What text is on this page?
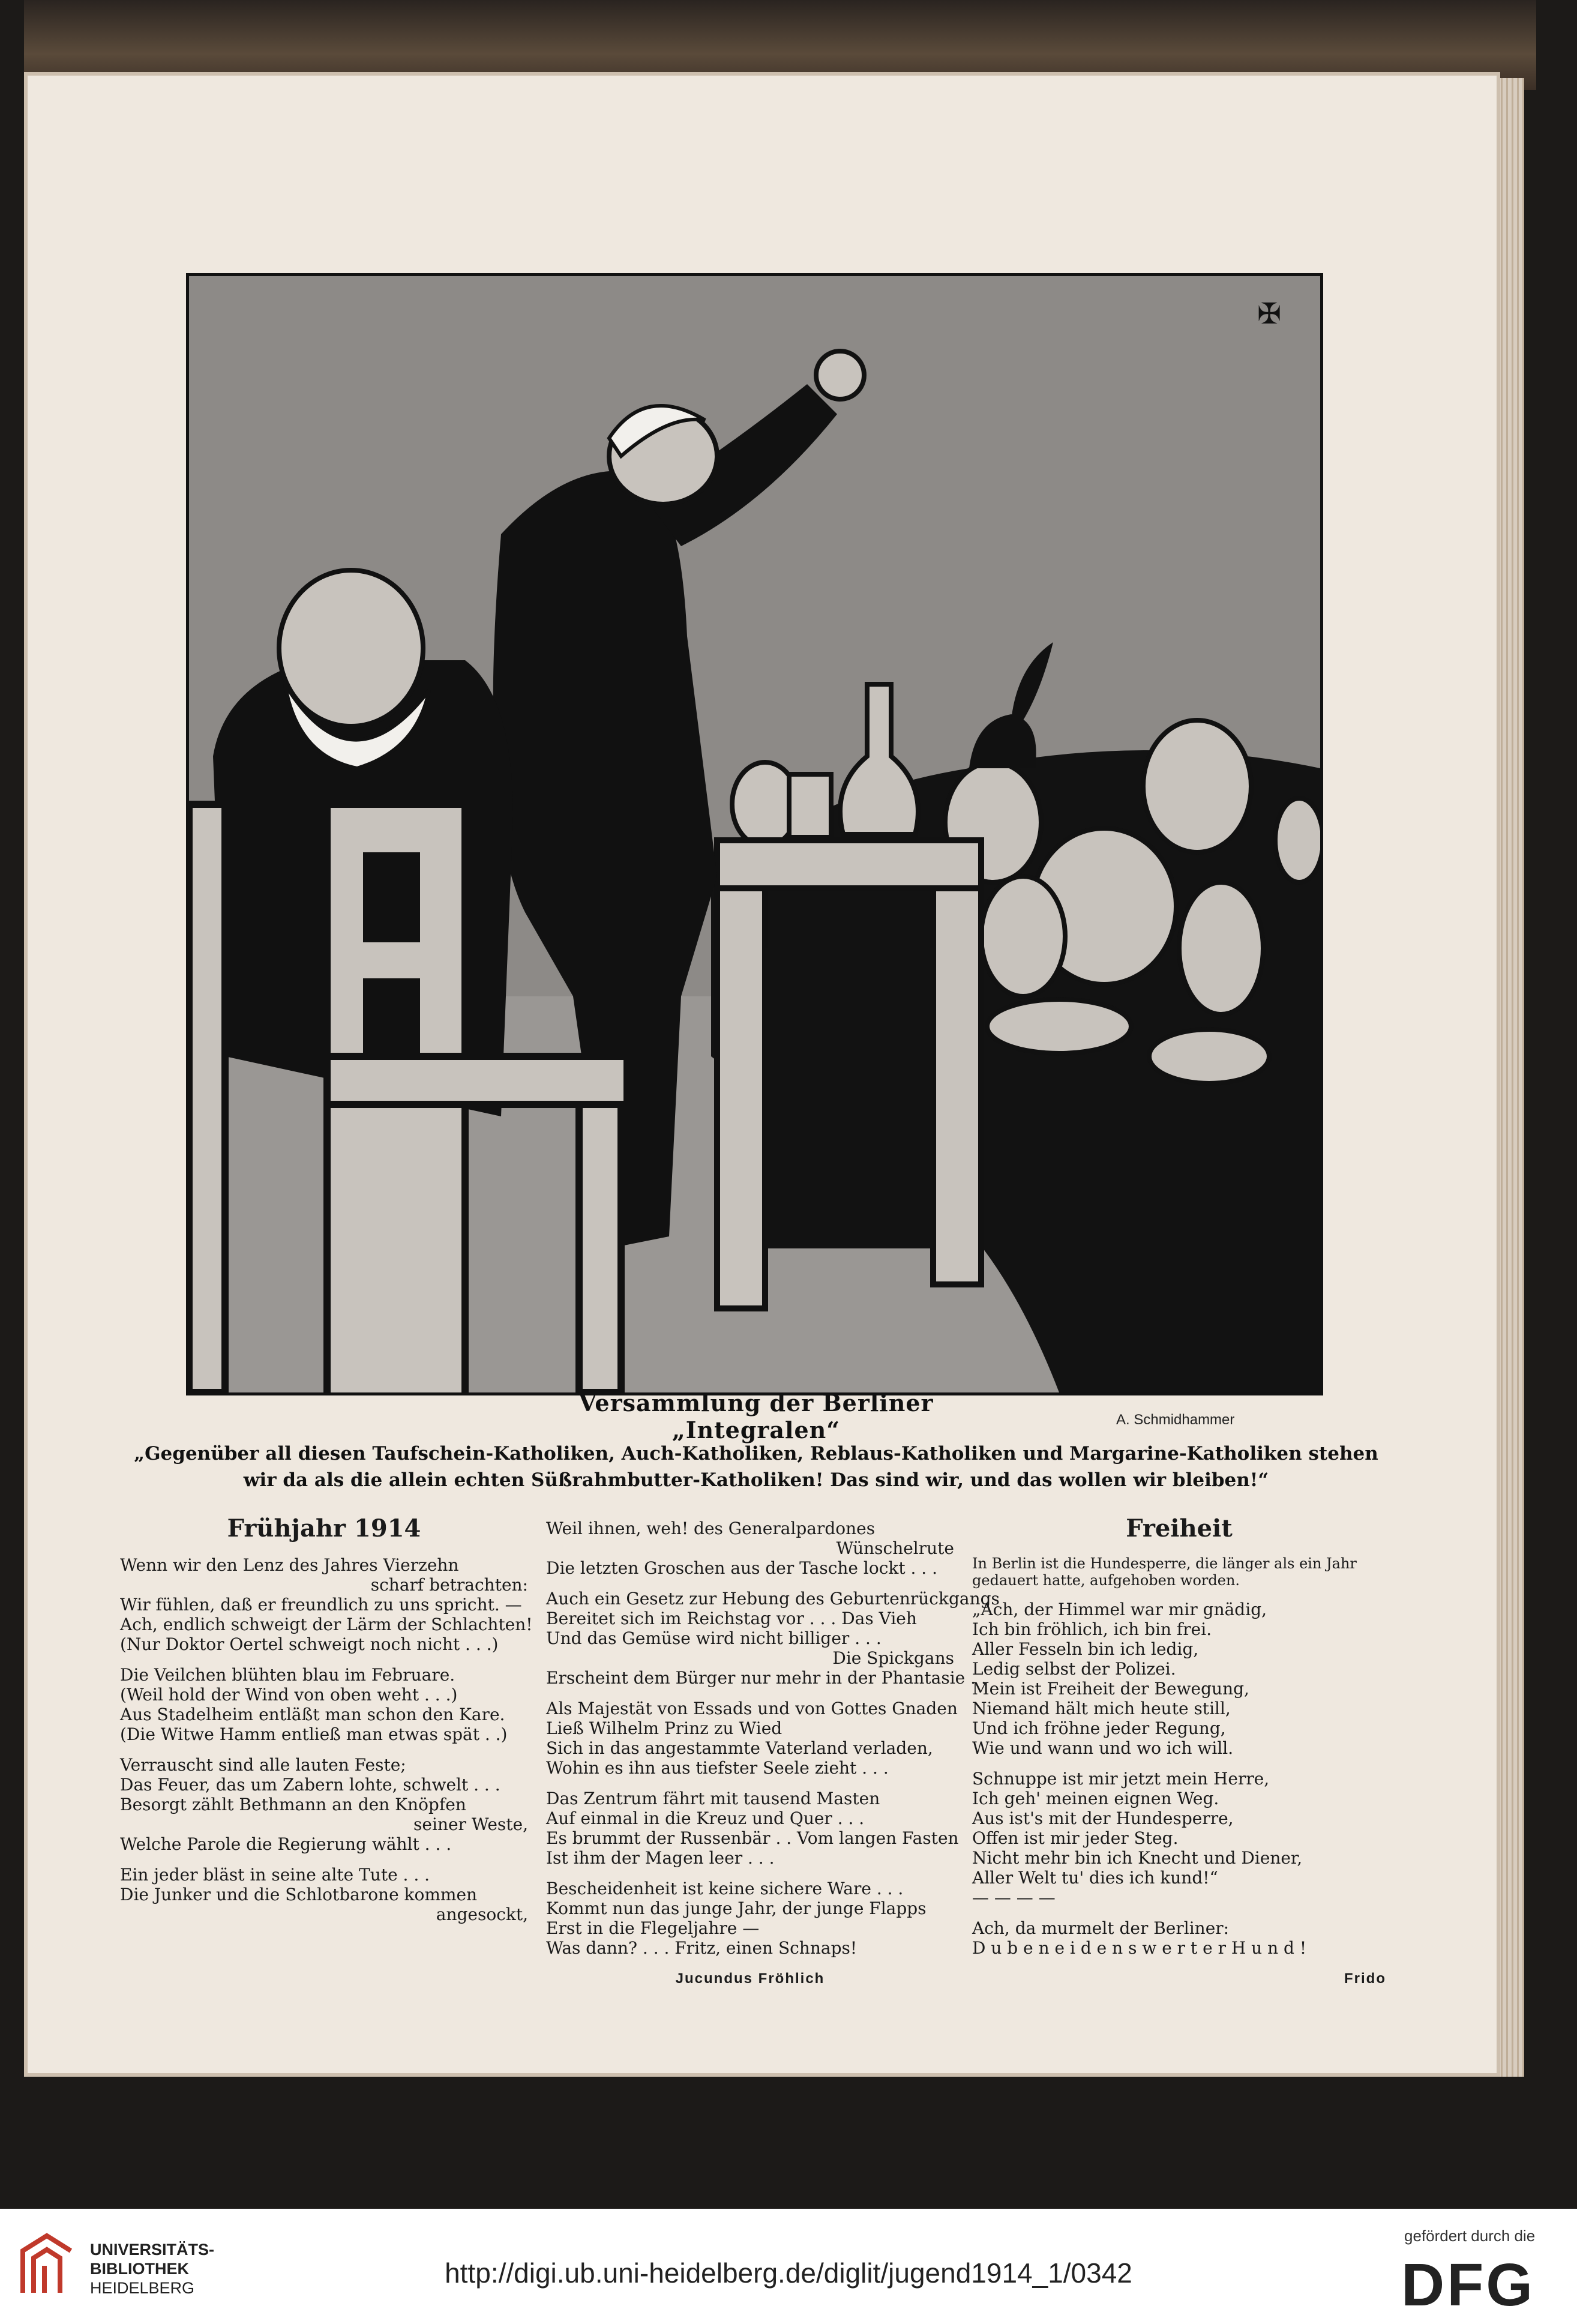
✠
Versammlung der Berliner „Integralen“	A. Schmidhammer
„Gegenüber all diesen Taufschein-Katholiken, Auch-Katholiken, Reblaus-Katholiken und Margarine-Katholiken stehen wir da als die allein echten Süßrahmbutter-Katholiken! Das sind wir, und das wollen wir bleiben!“
Frühjahr 1914
Wenn wir den Lenz des Jahres Vierzehn
scharf betrachten:
Wir fühlen, daß er freundlich zu uns spricht. —
Ach, endlich schweigt der Lärm der Schlachten!
(Nur Doktor Oertel schweigt noch nicht . . .)
Die Veilchen blühten blau im Februare.
(Weil hold der Wind von oben weht . . .)
Aus Stadelheim entläßt man schon den Kare.
(Die Witwe Hamm entließ man etwas spät . .)
Verrauscht sind alle lauten Feste;
Das Feuer, das um Zabern lohte, schwelt . . .
Besorgt zählt Bethmann an den Knöpfen
seiner Weste,
Welche Parole die Regierung wählt . . .
Ein jeder bläst in seine alte Tute . . .
Die Junker und die Schlotbarone kommen
angesockt,
Weil ihnen, weh! des Generalpardones
Wünschelrute
Die letzten Groschen aus der Tasche lockt . . .
Auch ein Gesetz zur Hebung des Geburtenrückgangs
Bereitet sich im Reichstag vor . . . Das Vieh
Und das Gemüse wird nicht billiger . . .
Die Spickgans
Erscheint dem Bürger nur mehr in der Phantasie . .
Als Majestät von Essads und von Gottes Gnaden
Ließ Wilhelm Prinz zu Wied
Sich in das angestammte Vaterland verladen,
Wohin es ihn aus tiefster Seele zieht . . .
Das Zentrum fährt mit tausend Masten
Auf einmal in die Kreuz und Quer . . .
Es brummt der Russenbär . . Vom langen Fasten
Ist ihm der Magen leer . . .
Bescheidenheit ist keine sichere Ware . . .
Kommt nun das junge Jahr, der junge Flapps
Erst in die Flegeljahre —
Was dann? . . . Fritz, einen Schnaps!
Jucundus Fröhlich
Freiheit
In Berlin ist die Hundesperre, die länger als ein Jahr gedauert hatte, aufgehoben worden.
„Ach, der Himmel war mir gnädig,
Ich bin fröhlich, ich bin frei.
Aller Fesseln bin ich ledig,
Ledig selbst der Polizei.
Mein ist Freiheit der Bewegung,
Niemand hält mich heute still,
Und ich fröhne jeder Regung,
Wie und wann und wo ich will.
Schnuppe ist mir jetzt mein Herre,
Ich geh' meinen eignen Weg.
Aus ist's mit der Hundesperre,
Offen ist mir jeder Steg.
Nicht mehr bin ich Knecht und Diener,
Aller Welt tu' dies ich kund!“
— — — —
Ach, da murmelt der Berliner:
D u b e n e i d e n s w e r t e r H u n d !
Frido
UNIVERSITÄTS-
BIBLIOTHEK
HEIDELBERG	http://digi.ub.uni-heidelberg.de/diglit/jugend1914_1/0342
gefördert durch die
DFG
